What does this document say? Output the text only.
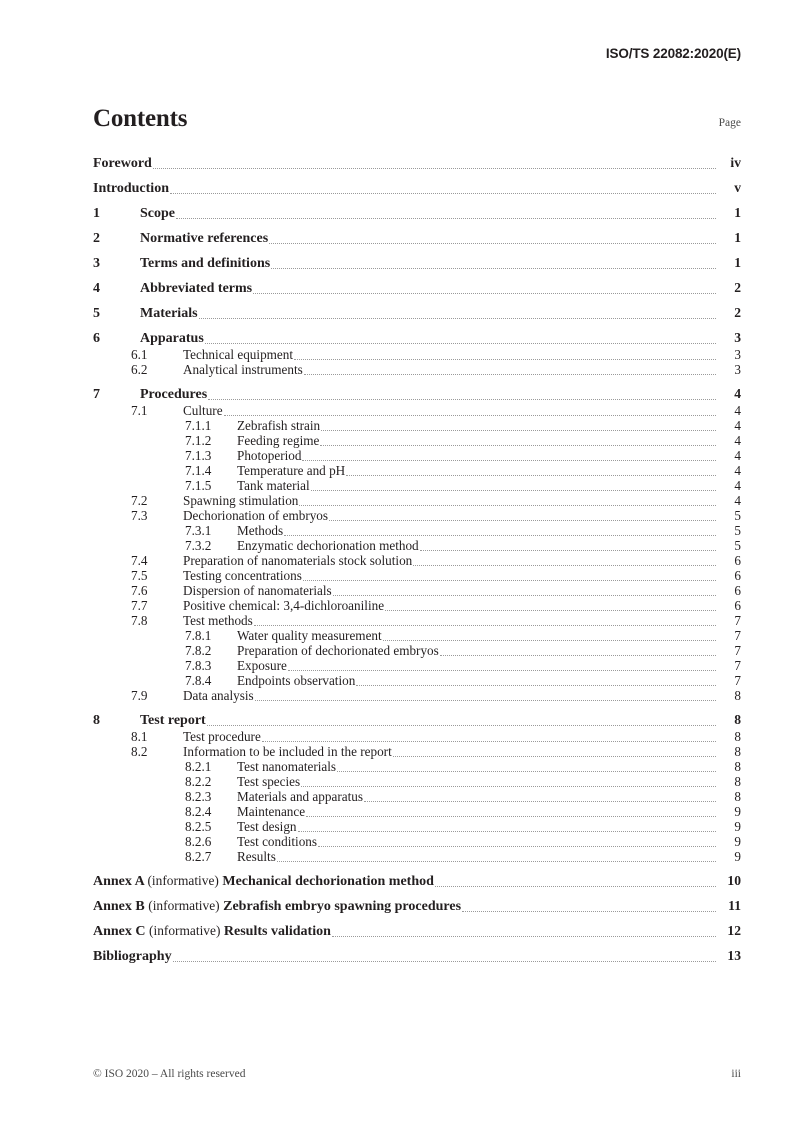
ISO/TS 22082:2020(E)
Contents	Page
Foreword	iv
Introduction	v
1	Scope	1
2	Normative references	1
3	Terms and definitions	1
4	Abbreviated terms	2
5	Materials	2
6	Apparatus	3
6.1	Technical equipment	3
6.2	Analytical instruments	3
7	Procedures	4
7.1	Culture	4
7.1.1	Zebrafish strain	4
7.1.2	Feeding regime	4
7.1.3	Photoperiod	4
7.1.4	Temperature and pH	4
7.1.5	Tank material	4
7.2	Spawning stimulation	4
7.3	Dechorionation of embryos	5
7.3.1	Methods	5
7.3.2	Enzymatic dechorionation method	5
7.4	Preparation of nanomaterials stock solution	6
7.5	Testing concentrations	6
7.6	Dispersion of nanomaterials	6
7.7	Positive chemical: 3,4-dichloroaniline	6
7.8	Test methods	7
7.8.1	Water quality measurement	7
7.8.2	Preparation of dechorionated embryos	7
7.8.3	Exposure	7
7.8.4	Endpoints observation	7
7.9	Data analysis	8
8	Test report	8
8.1	Test procedure	8
8.2	Information to be included in the report	8
8.2.1	Test nanomaterials	8
8.2.2	Test species	8
8.2.3	Materials and apparatus	8
8.2.4	Maintenance	9
8.2.5	Test design	9
8.2.6	Test conditions	9
8.2.7	Results	9
Annex A (informative) Mechanical dechorionation method	10
Annex B (informative) Zebrafish embryo spawning procedures	11
Annex C (informative) Results validation	12
Bibliography	13
© ISO 2020 – All rights reserved	iii
